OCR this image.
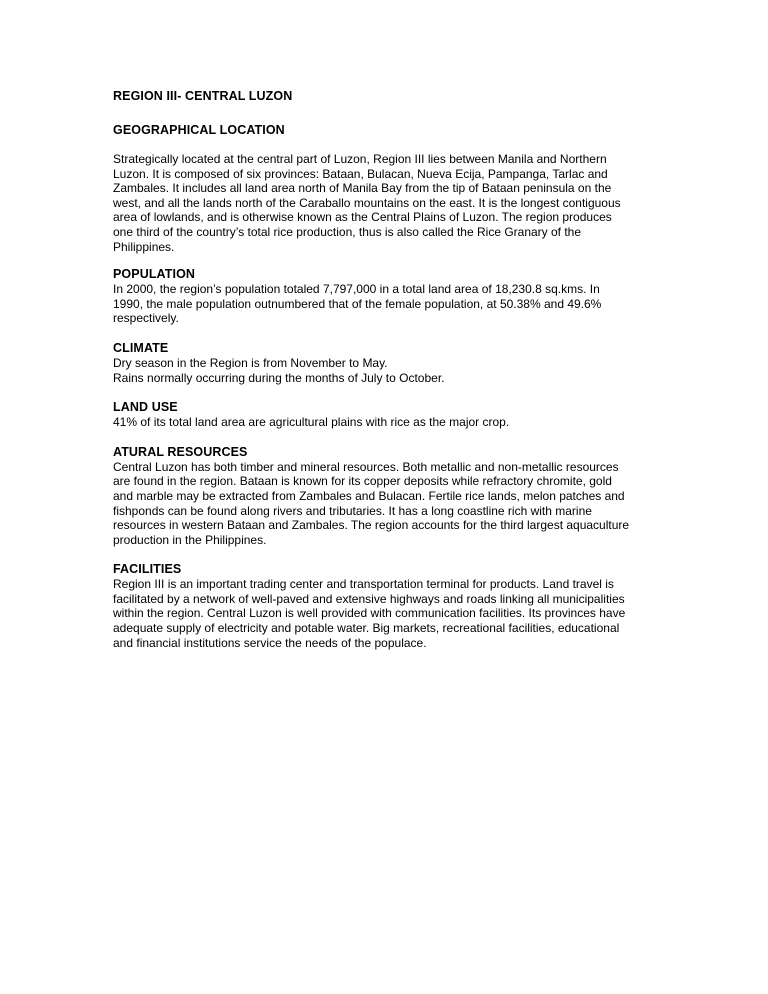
REGION III- CENTRAL LUZON
GEOGRAPHICAL LOCATION
Strategically located at the central part of Luzon, Region III lies between Manila and Northern
Luzon. It is composed of six provinces: Bataan, Bulacan, Nueva Ecija, Pampanga, Tarlac and
Zambales. It includes all land area north of Manila Bay from the tip of Bataan peninsula on the
west, and all the lands north of the Caraballo mountains on the east. It is the longest contiguous
area of lowlands, and is otherwise known as the Central Plains of Luzon. The region produces
one third of the country’s total rice production, thus is also called the Rice Granary of the
Philippines.
POPULATION
In 2000, the region’s population totaled 7,797,000 in a total land area of 18,230.8 sq.kms. In
1990, the male population outnumbered that of the female population, at 50.38% and 49.6%
respectively.
CLIMATE
Dry season in the Region is from November to May.
Rains normally occurring during the months of July to October.
LAND USE
41% of its total land area are agricultural plains with rice as the major crop.
ATURAL RESOURCES
Central Luzon has both timber and mineral resources. Both metallic and non-metallic resources
are found in the region. Bataan is known for its copper deposits while refractory chromite, gold
and marble may be extracted from Zambales and Bulacan. Fertile rice lands, melon patches and
fishponds can be found along rivers and tributaries. It has a long coastline rich with marine
resources in western Bataan and Zambales. The region accounts for the third largest aquaculture
production in the Philippines.
FACILITIES
Region III is an important trading center and transportation terminal for products. Land travel is
facilitated by a network of well-paved and extensive highways and roads linking all municipalities
within the region. Central Luzon is well provided with communication facilities. Its provinces have
adequate supply of electricity and potable water. Big markets, recreational facilities, educational
and financial institutions service the needs of the populace.
